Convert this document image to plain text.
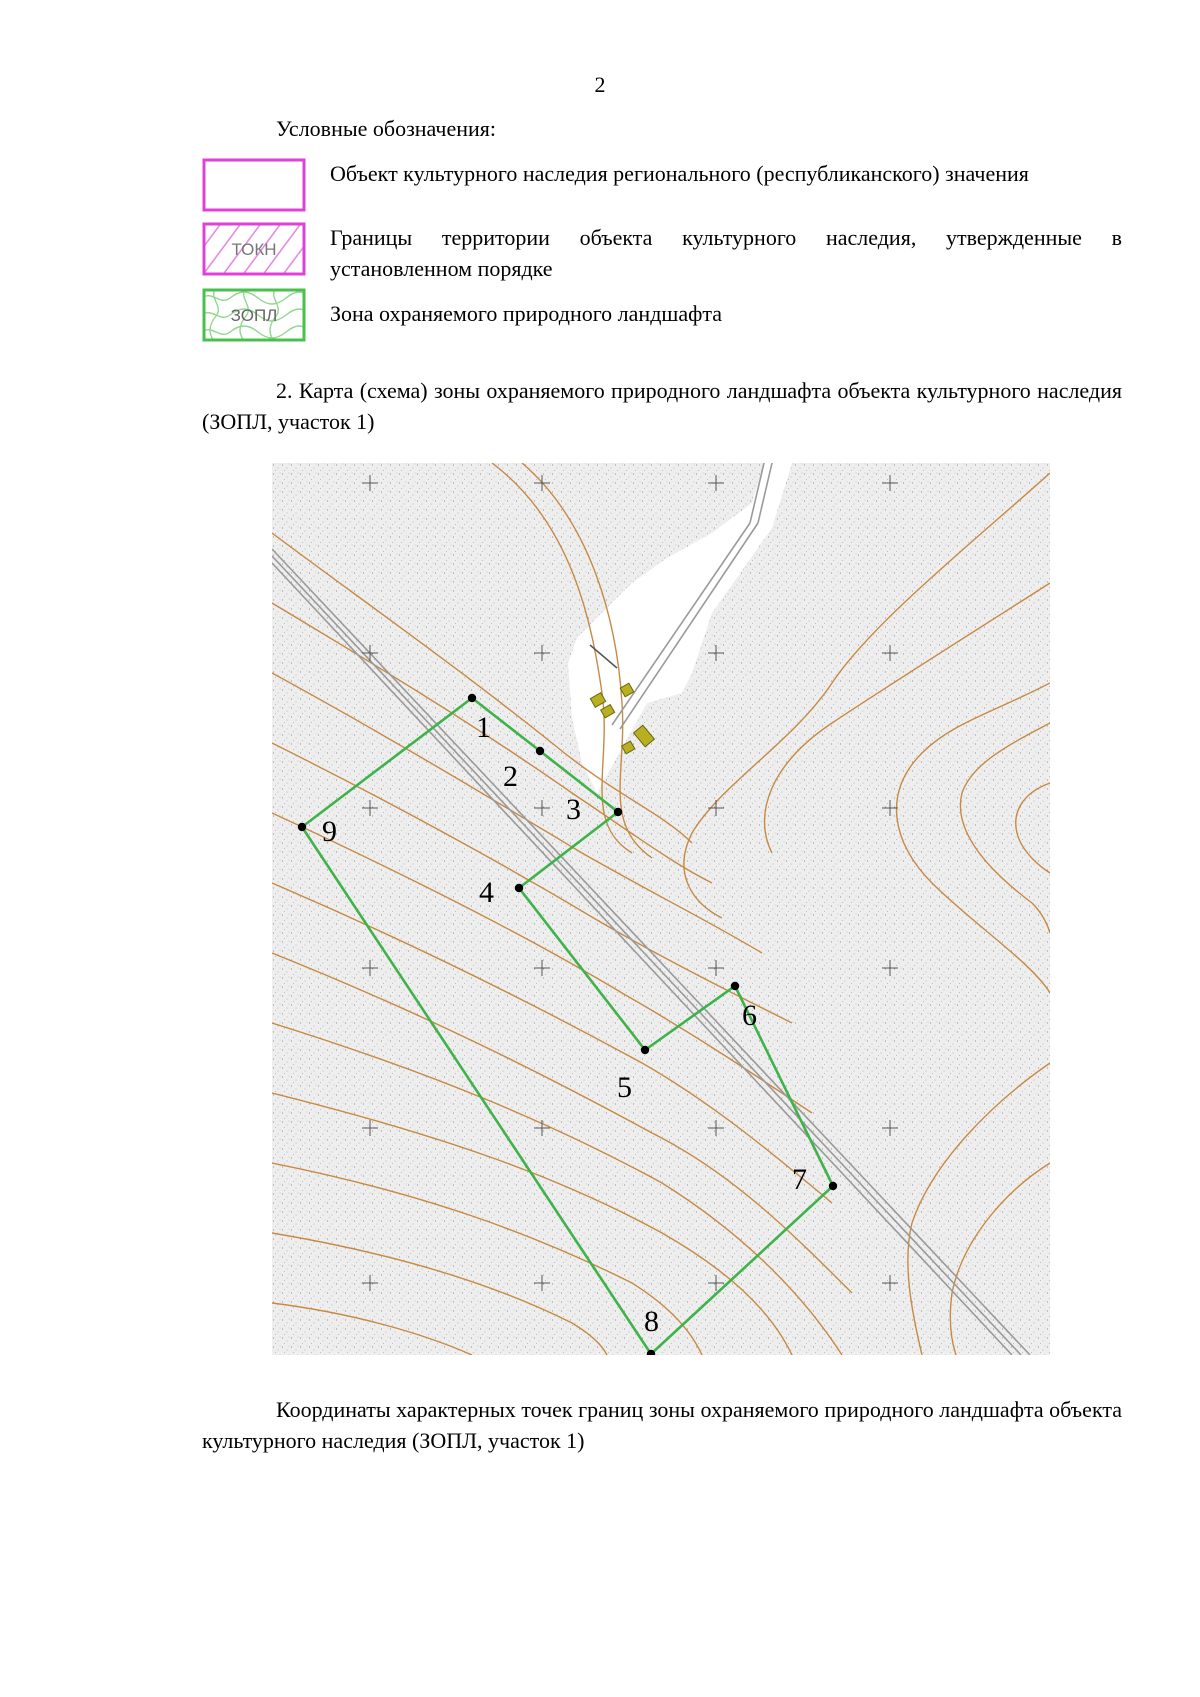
2
Условные обозначения:
Объект культурного наследия регионального (республиканского) значения
ТОКН Границы территории объекта культурного наследия, утвержденные в установленном порядке
ЗОПЛ Зона охраняемого природного ландшафта
2. Карта (схема) зоны охраняемого природного ландшафта объекта культурного наследия (ЗОПЛ, участок 1)
1
2
3
4
5
6
7
8
9
Координаты характерных точек границ зоны охраняемого природного ландшафта объекта культурного наследия (ЗОПЛ, участок 1)
